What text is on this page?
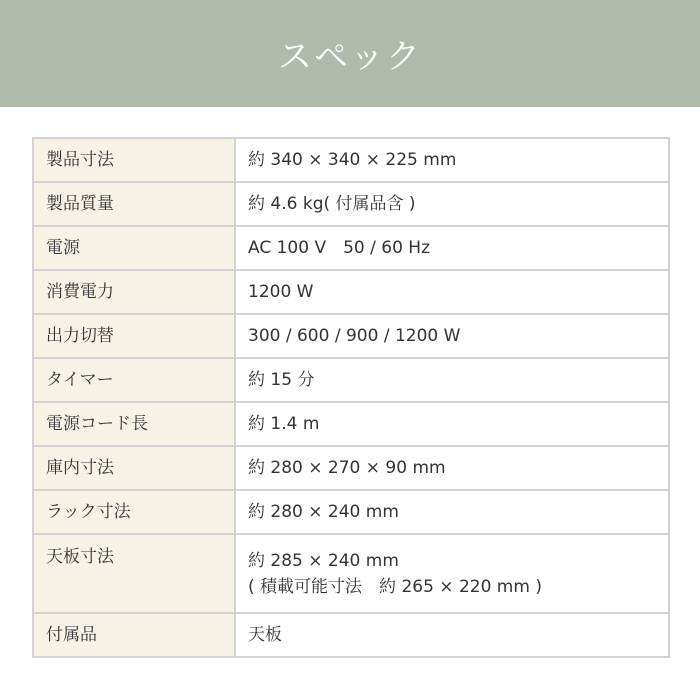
スペック
製品寸法	約 340 × 340 × 225 mm

製品質量	約 4.6 kg( 付属品含 )

電源	AC 100 V　50 / 60 Hz

消費電力	1200 W

出力切替	300 / 600 / 900 / 1200 W

タイマー	約 15 分

電源コード長	約 1.4 m

庫内寸法	約 280 × 270 × 90 mm

ラック寸法	約 280 × 240 mm

天板寸法	約 285 × 240 mm
( 積載可能寸法　約 265 × 220 mm )

付属品	天板
